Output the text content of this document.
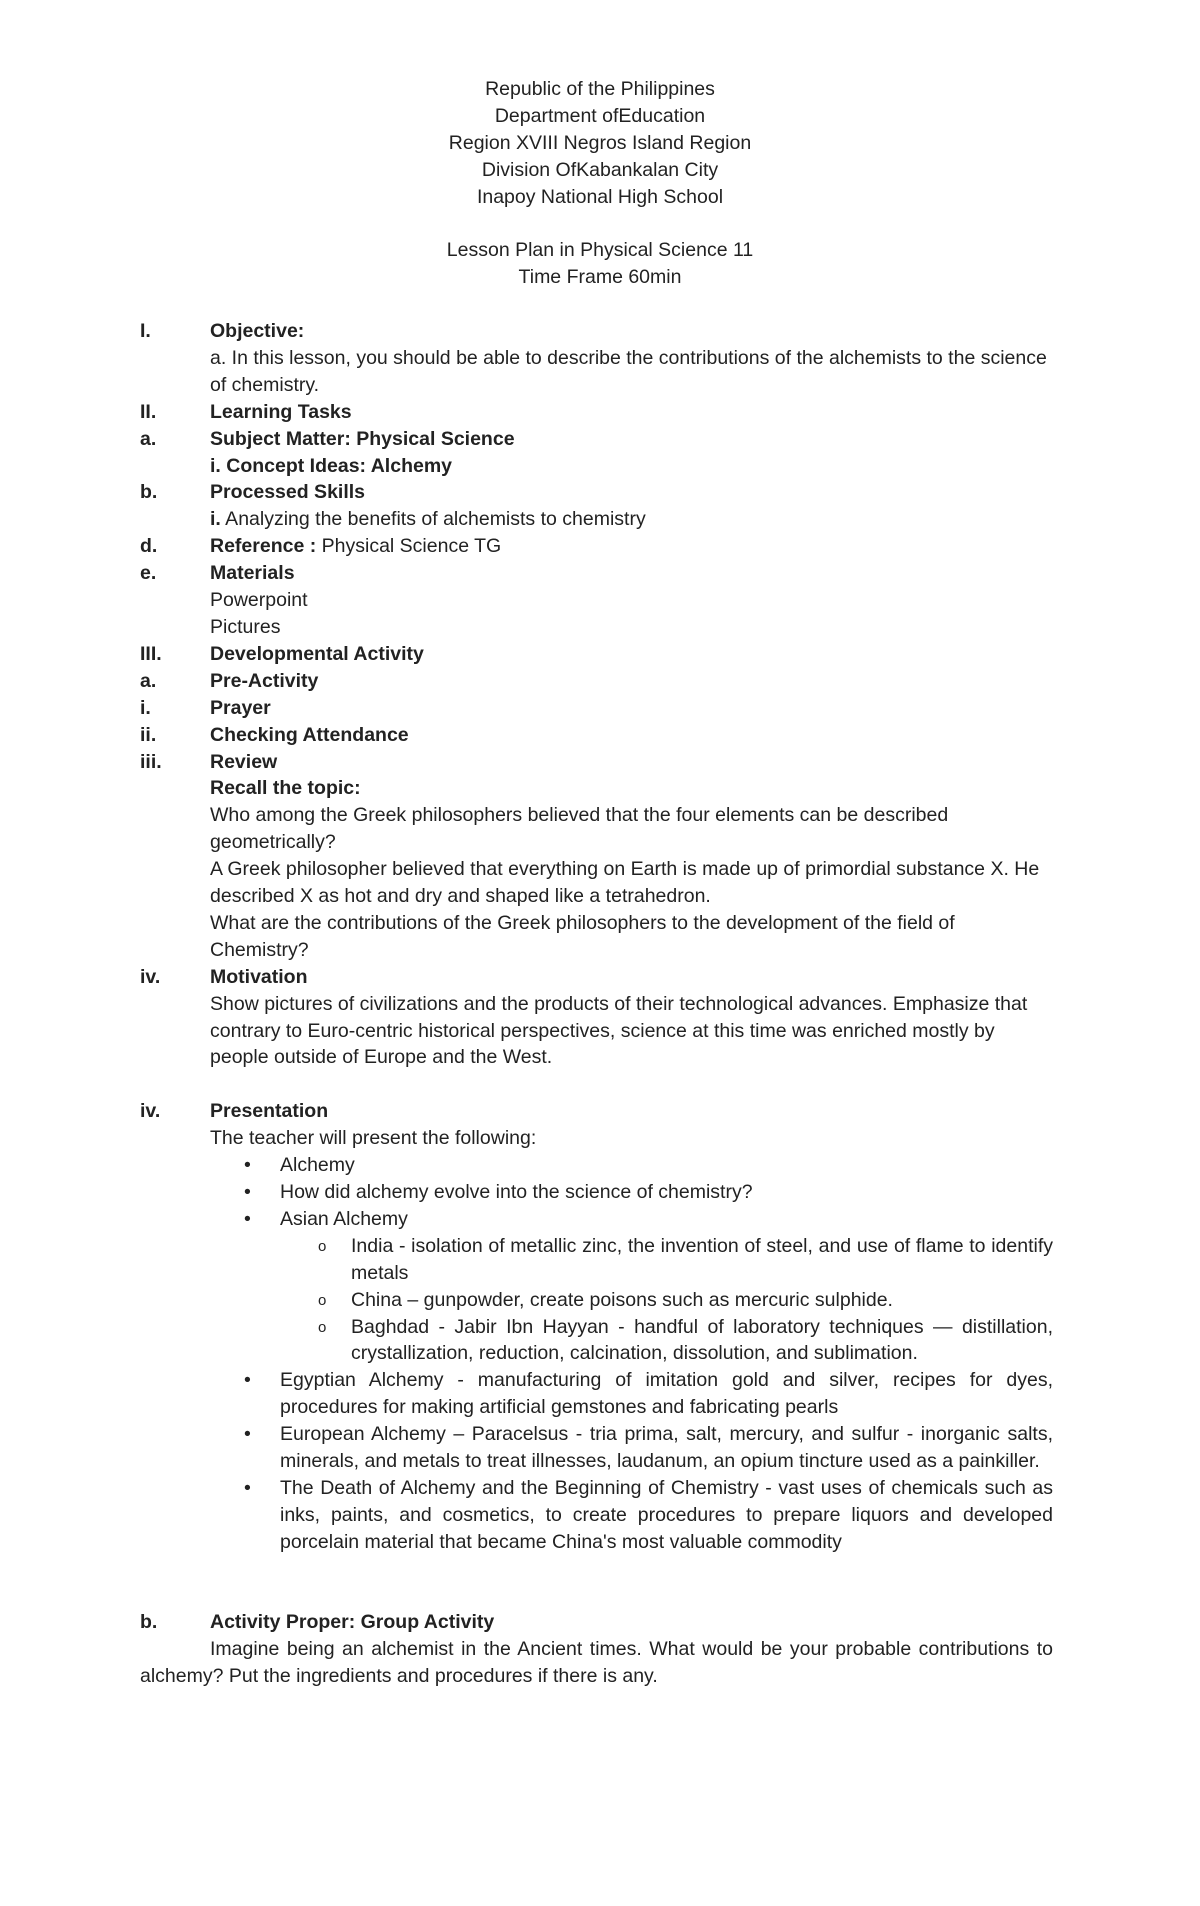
Republic of the Philippines
Department ofEducation
Region XVIII Negros Island Region
Division OfKabankalan City
Inapoy National High School
Lesson Plan in Physical Science 11
Time Frame 60min
I.	Objective:
a. In this lesson, you should be able to describe the contributions of the alchemists to the science of chemistry.
II.	Learning Tasks
a.	Subject Matter: Physical Science
i. Concept Ideas: Alchemy
b.	Processed Skills
i. Analyzing the benefits of alchemists to chemistry
d.	Reference : Physical Science TG
e.	Materials
Powerpoint
Pictures
III.	Developmental Activity
a.	Pre-Activity
i.	Prayer
ii.	Checking Attendance
iii.	Review
Recall the topic:
Who among the Greek philosophers believed that the four elements can be described geometrically?
A Greek philosopher believed that everything on Earth is made up of primordial substance X. He described X as hot and dry and shaped like a tetrahedron.
What are the contributions of the Greek philosophers to the development of the field of Chemistry?
iv.	Motivation
Show pictures of civilizations and the products of their technological advances. Emphasize that contrary to Euro-centric historical perspectives, science at this time was enriched mostly by people outside of Europe and the West.
iv.	Presentation
The teacher will present the following:
• Alchemy
• How did alchemy evolve into the science of chemistry?
• Asian Alchemy
o India - isolation of metallic zinc, the invention of steel, and use of flame to identify metals
o China – gunpowder, create poisons such as mercuric sulphide.
o Baghdad - Jabir Ibn Hayyan - handful of laboratory techniques — distillation, crystallization, reduction, calcination, dissolution, and sublimation.
• Egyptian Alchemy - manufacturing of imitation gold and silver, recipes for dyes, procedures for making artificial gemstones and fabricating pearls
• European Alchemy – Paracelsus - tria prima, salt, mercury, and sulfur - inorganic salts, minerals, and metals to treat illnesses, laudanum, an opium tincture used as a painkiller.
• The Death of Alchemy and the Beginning of Chemistry - vast uses of chemicals such as inks, paints, and cosmetics, to create procedures to prepare liquors and developed porcelain material that became China's most valuable commodity
b.	Activity Proper: Group Activity
Imagine being an alchemist in the Ancient times. What would be your probable contributions to alchemy? Put the ingredients and procedures if there is any.
